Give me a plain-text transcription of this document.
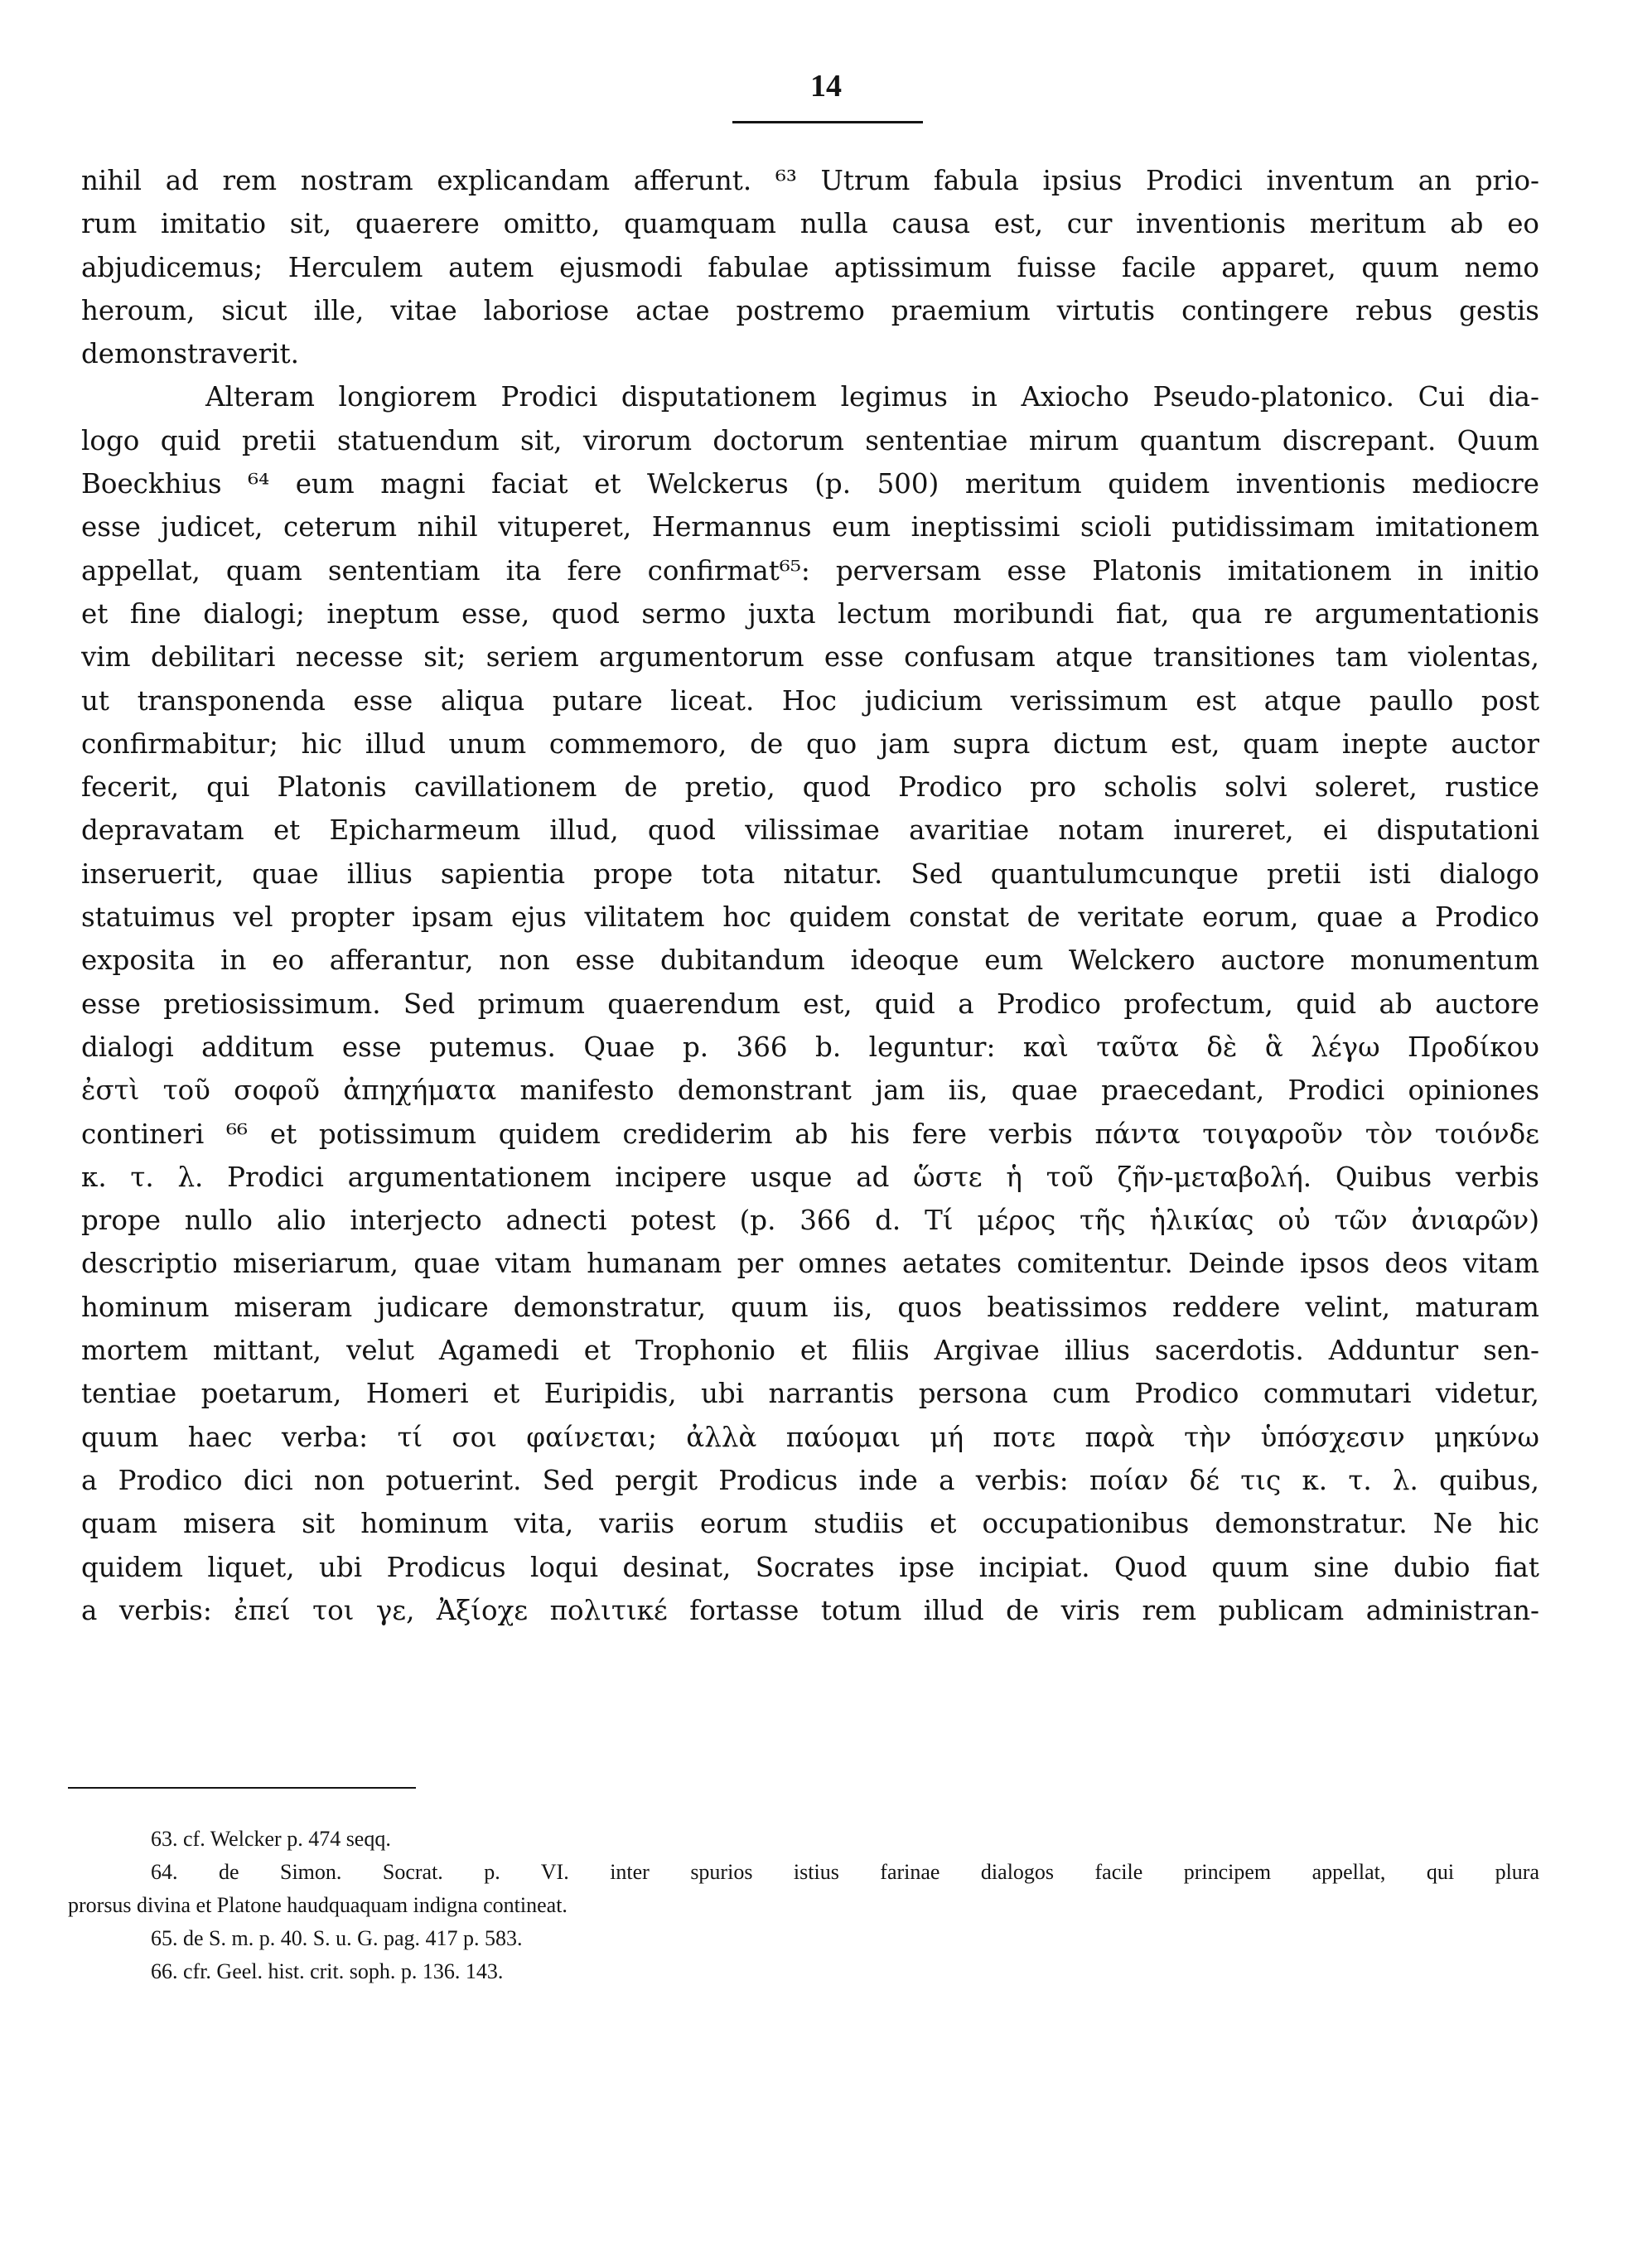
14
nihil ad rem nostram explicandam afferunt. ⁶³ Utrum fabula ipsius Prodici inventum an prio-
rum imitatio sit, quaerere omitto, quamquam nulla causa est, cur inventionis meritum ab eo
abjudicemus; Herculem autem ejusmodi fabulae aptissimum fuisse facile apparet, quum nemo
heroum, sicut ille, vitae laboriose actae postremo praemium virtutis contingere rebus gestis
demonstraverit.
Alteram longiorem Prodici disputationem legimus in Axiocho Pseudo-platonico. Cui dia-
logo quid pretii statuendum sit, virorum doctorum sententiae mirum quantum discrepant. Quum
Boeckhius ⁶⁴ eum magni faciat et Welckerus (p. 500) meritum quidem inventionis mediocre
esse judicet, ceterum nihil vituperet, Hermannus eum ineptissimi scioli putidissimam imitationem
appellat, quam sententiam ita fere confirmat⁶⁵: perversam esse Platonis imitationem in initio
et fine dialogi; ineptum esse, quod sermo juxta lectum moribundi fiat, qua re argumentationis
vim debilitari necesse sit; seriem argumentorum esse confusam atque transitiones tam violentas,
ut transponenda esse aliqua putare liceat. Hoc judicium verissimum est atque paullo post
confirmabitur; hic illud unum commemoro, de quo jam supra dictum est, quam inepte auctor
fecerit, qui Platonis cavillationem de pretio, quod Prodico pro scholis solvi soleret, rustice
depravatam et Epicharmeum illud, quod vilissimae avaritiae notam inureret, ei disputationi
inseruerit, quae illius sapientia prope tota nitatur. Sed quantulumcunque pretii isti dialogo
statuimus vel propter ipsam ejus vilitatem hoc quidem constat de veritate eorum, quae a Prodico
exposita in eo afferantur, non esse dubitandum ideoque eum Welckero auctore monumentum
esse pretiosissimum. Sed primum quaerendum est, quid a Prodico profectum, quid ab auctore
dialogi additum esse putemus. Quae p. 366 b. leguntur: καὶ ταῦτα δὲ ἃ λέγω Προδίκου
ἐστὶ τοῦ σοφοῦ ἀπηχήματα manifesto demonstrant jam iis, quae praecedant, Prodici opiniones
contineri ⁶⁶ et potissimum quidem crediderim ab his fere verbis πάντα τοιγαροῦν τὸν τοιόνδε
κ. τ. λ. Prodici argumentationem incipere usque ad ὥστε ἡ τοῦ ζῆν-μεταβολή. Quibus verbis
prope nullo alio interjecto adnecti potest (p. 366 d. Τί μέρος τῆς ἡλικίας οὐ τῶν ἀνιαρῶν)
descriptio miseriarum, quae vitam humanam per omnes aetates comitentur. Deinde ipsos deos vitam
hominum miseram judicare demonstratur, quum iis, quos beatissimos reddere velint, maturam
mortem mittant, velut Agamedi et Trophonio et filiis Argivae illius sacerdotis. Adduntur sen-
tentiae poetarum, Homeri et Euripidis, ubi narrantis persona cum Prodico commutari videtur,
quum haec verba: τί σοι φαίνεται; ἀλλὰ παύομαι μή ποτε παρὰ τὴν ὑπόσχεσιν μηκύνω
a Prodico dici non potuerint. Sed pergit Prodicus inde a verbis: ποίαν δέ τις κ. τ. λ. quibus,
quam misera sit hominum vita, variis eorum studiis et occupationibus demonstratur. Ne hic
quidem liquet, ubi Prodicus loqui desinat, Socrates ipse incipiat. Quod quum sine dubio fiat
a verbis: ἐπεί τοι γε, Ἀξίοχε πολιτικέ fortasse totum illud de viris rem publicam administran-
63. cf. Welcker p. 474 seqq.
64. de Simon. Socrat. p. VI. inter spurios istius farinae dialogos facile principem appellat, qui plura
prorsus divina et Platone haudquaquam indigna contineat.
65. de S. m. p. 40. S. u. G. pag. 417 p. 583.
66. cfr. Geel. hist. crit. soph. p. 136. 143.
